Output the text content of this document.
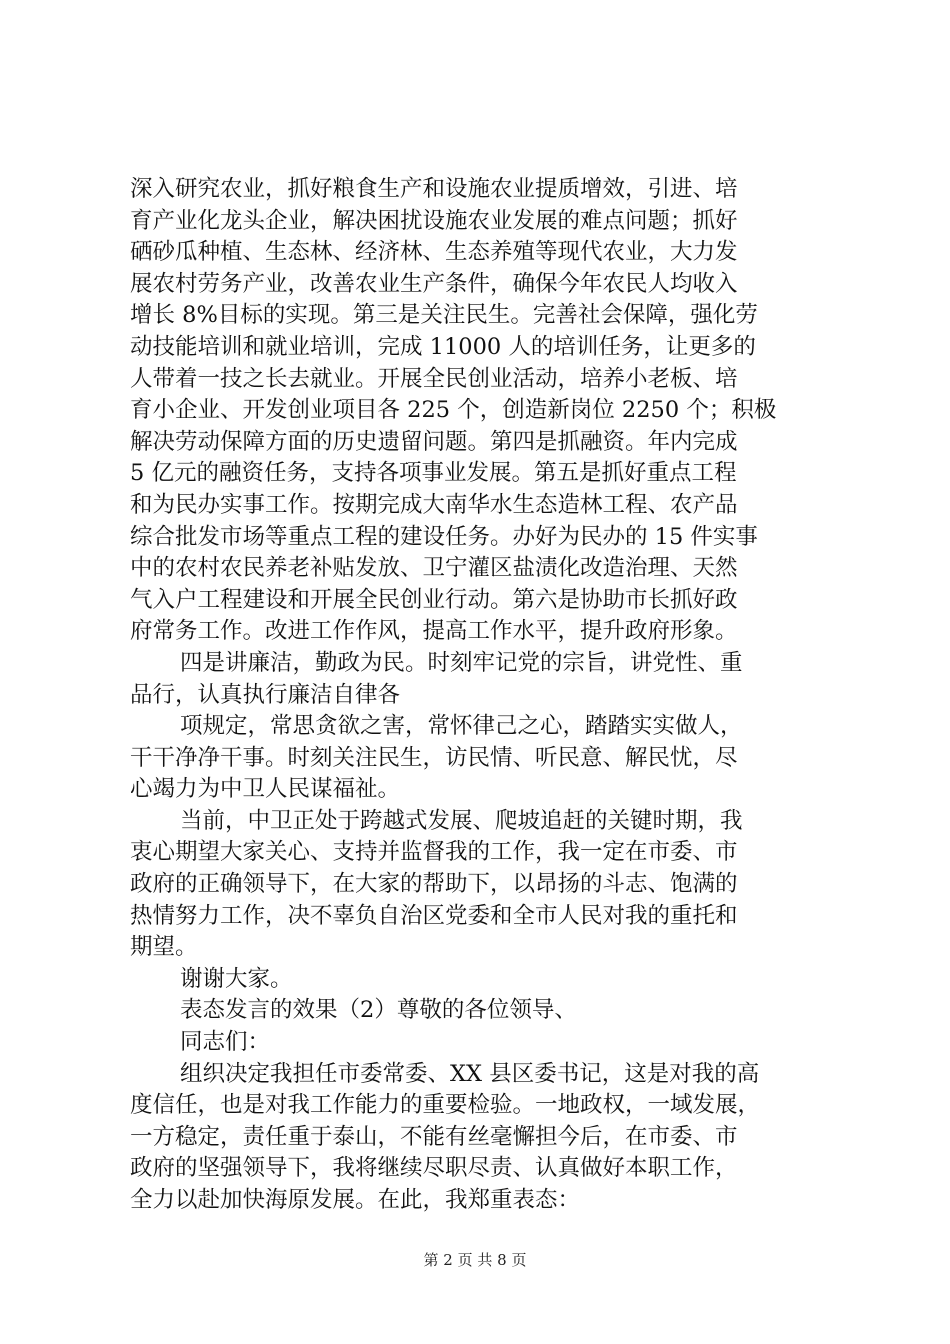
深入研究农业，抓好粮食生产和设施农业提质增效，引进、培
育产业化龙头企业，解决困扰设施农业发展的难点问题；抓好
硒砂瓜种植、生态林、经济林、生态养殖等现代农业，大力发
展农村劳务产业，改善农业生产条件，确保今年农民人均收入
增长 8%目标的实现。第三是关注民生。完善社会保障，强化劳
动技能培训和就业培训，完成 11000 人的培训任务，让更多的
人带着一技之长去就业。开展全民创业活动，培养小老板、培
育小企业、开发创业项目各 225 个，创造新岗位 2250 个；积极
解决劳动保障方面的历史遗留问题。第四是抓融资。年内完成
5 亿元的融资任务，支持各项事业发展。第五是抓好重点工程
和为民办实事工作。按期完成大南华水生态造林工程、农产品
综合批发市场等重点工程的建设任务。办好为民办的 15 件实事
中的农村农民养老补贴发放、卫宁灌区盐渍化改造治理、天然
气入户工程建设和开展全民创业行动。第六是协助市长抓好政
府常务工作。改进工作作风，提高工作水平，提升政府形象。
四是讲廉洁，勤政为民。时刻牢记党的宗旨，讲党性、重
品行，认真执行廉洁自律各
项规定，常思贪欲之害，常怀律己之心，踏踏实实做人，
干干净净干事。时刻关注民生，访民情、听民意、解民忧，尽
心竭力为中卫人民谋福祉。
当前，中卫正处于跨越式发展、爬坡追赶的关键时期，我
衷心期望大家关心、支持并监督我的工作，我一定在市委、市
政府的正确领导下，在大家的帮助下，以昂扬的斗志、饱满的
热情努力工作，决不辜负自治区党委和全市人民对我的重托和
期望。
谢谢大家。
表态发言的效果（2）尊敬的各位领导、
同志们：
组织决定我担任市委常委、XX 县区委书记，这是对我的高
度信任，也是对我工作能力的重要检验。一地政权，一域发展，
一方稳定，责任重于泰山，不能有丝毫懈担今后，在市委、市
政府的坚强领导下，我将继续尽职尽责、认真做好本职工作，
全力以赴加快海原发展。在此，我郑重表态：
第 2 页 共 8 页
